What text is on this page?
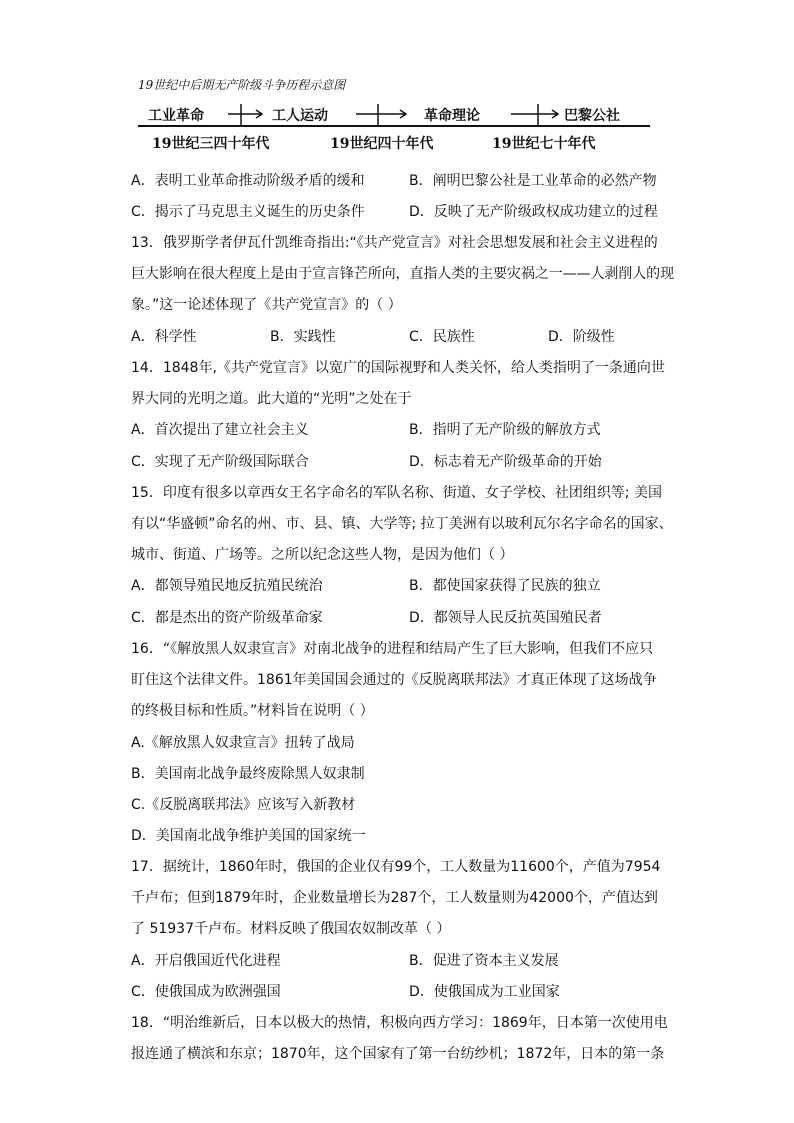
19世纪中后期无产阶级斗争历程示意图
工业革命	工人运动	革命理论	巴黎公社
19世纪三四十年代	19世纪四十年代	19世纪七十年代
A．表明工业革命推动阶级矛盾的缓和	B．阐明巴黎公社是工业革命的必然产物
C．揭示了马克思主义诞生的历史条件	D．反映了无产阶级政权成功建立的过程
13．俄罗斯学者伊瓦什凯维奇指出:“《共产党宣言》对社会思想发展和社会主义进程的
巨大影响在很大程度上是由于宣言锋芒所向，直指人类的主要灾祸之一——人剥削人的现
象。”这一论述体现了《共产党宣言》的（ ）
A．科学性	B．实践性	C．民族性	D．阶级性
14．1848年,《共产党宣言》以宽广的国际视野和人类关怀，给人类指明了一条通向世
界大同的光明之道。此大道的“光明”之处在于
A．首次提出了建立社会主义	B．指明了无产阶级的解放方式
C．实现了无产阶级国际联合	D．标志着无产阶级革命的开始
15．印度有很多以章西女王名字命名的军队名称、街道、女子学校、社团组织等; 美国
有以“华盛顿”命名的州、市、县、镇、大学等; 拉丁美洲有以玻利瓦尔名字命名的国家、
城市、街道、广场等。之所以纪念这些人物，是因为他们（ ）
A．都领导殖民地反抗殖民统治	B．都使国家获得了民族的独立
C．都是杰出的资产阶级革命家	D．都领导人民反抗英国殖民者
16．“《解放黑人奴隶宣言》对南北战争的进程和结局产生了巨大影响，但我们不应只
盯住这个法律文件。1861年美国国会通过的《反脱离联邦法》才真正体现了这场战争
的终极目标和性质。”材料旨在说明（ ）
A.《解放黑人奴隶宣言》扭转了战局
B．美国南北战争最终废除黑人奴隶制
C.《反脱离联邦法》应该写入新教材
D．美国南北战争维护美国的国家统一
17．据统计，1860年时，俄国的企业仅有99个，工人数量为11600个，产值为7954
千卢布；但到1879年时，企业数量增长为287个，工人数量则为42000个，产值达到
了 51937千卢布。材料反映了俄国农奴制改革（ ）
A．开启俄国近代化进程	B．促进了资本主义发展
C．使俄国成为欧洲强国	D．使俄国成为工业国家
18．“明治维新后，日本以极大的热情，积极向西方学习：1869年，日本第一次使用电
报连通了横滨和东京；1870年，这个国家有了第一台纺纱机；1872年，日本的第一条
